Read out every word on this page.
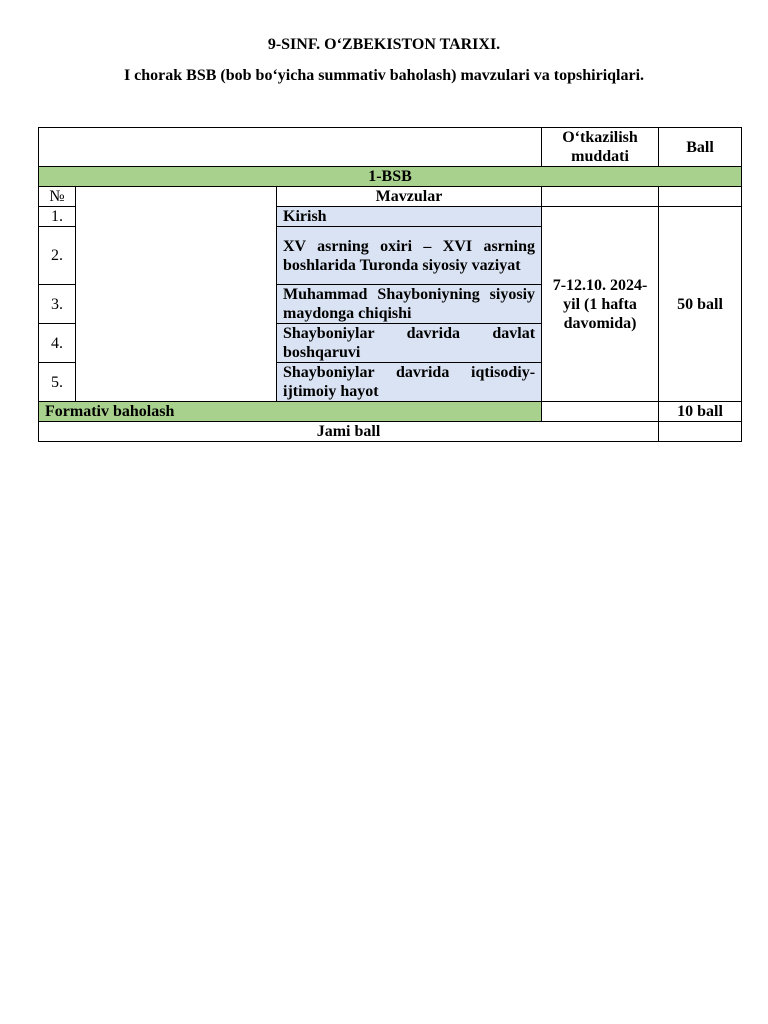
9-SINF. O‘ZBEKISTON TARIXI.

I chorak BSB (bob bo‘yicha summativ baholash) mavzulari va topshiriqlari.

			O‘tkazilish muddati	Ball
1-BSB				
№		Mavzular		
1.		Kirish	7-12.10. 2024-yil (1 hafta davomida)	50 ball
2.		XV asrning oxiri – XVI asrning boshlarida Turonda siyosiy vaziyat		
3.		Muhammad Shayboniyning siyosiy maydonga chiqishi		
4.		Shayboniylar davrida davlat boshqaruvi		
5.		Shayboniylar davrida iqtisodiy-ijtimoiy hayot		
Formativ baholash				10 ball
Jami ball				
